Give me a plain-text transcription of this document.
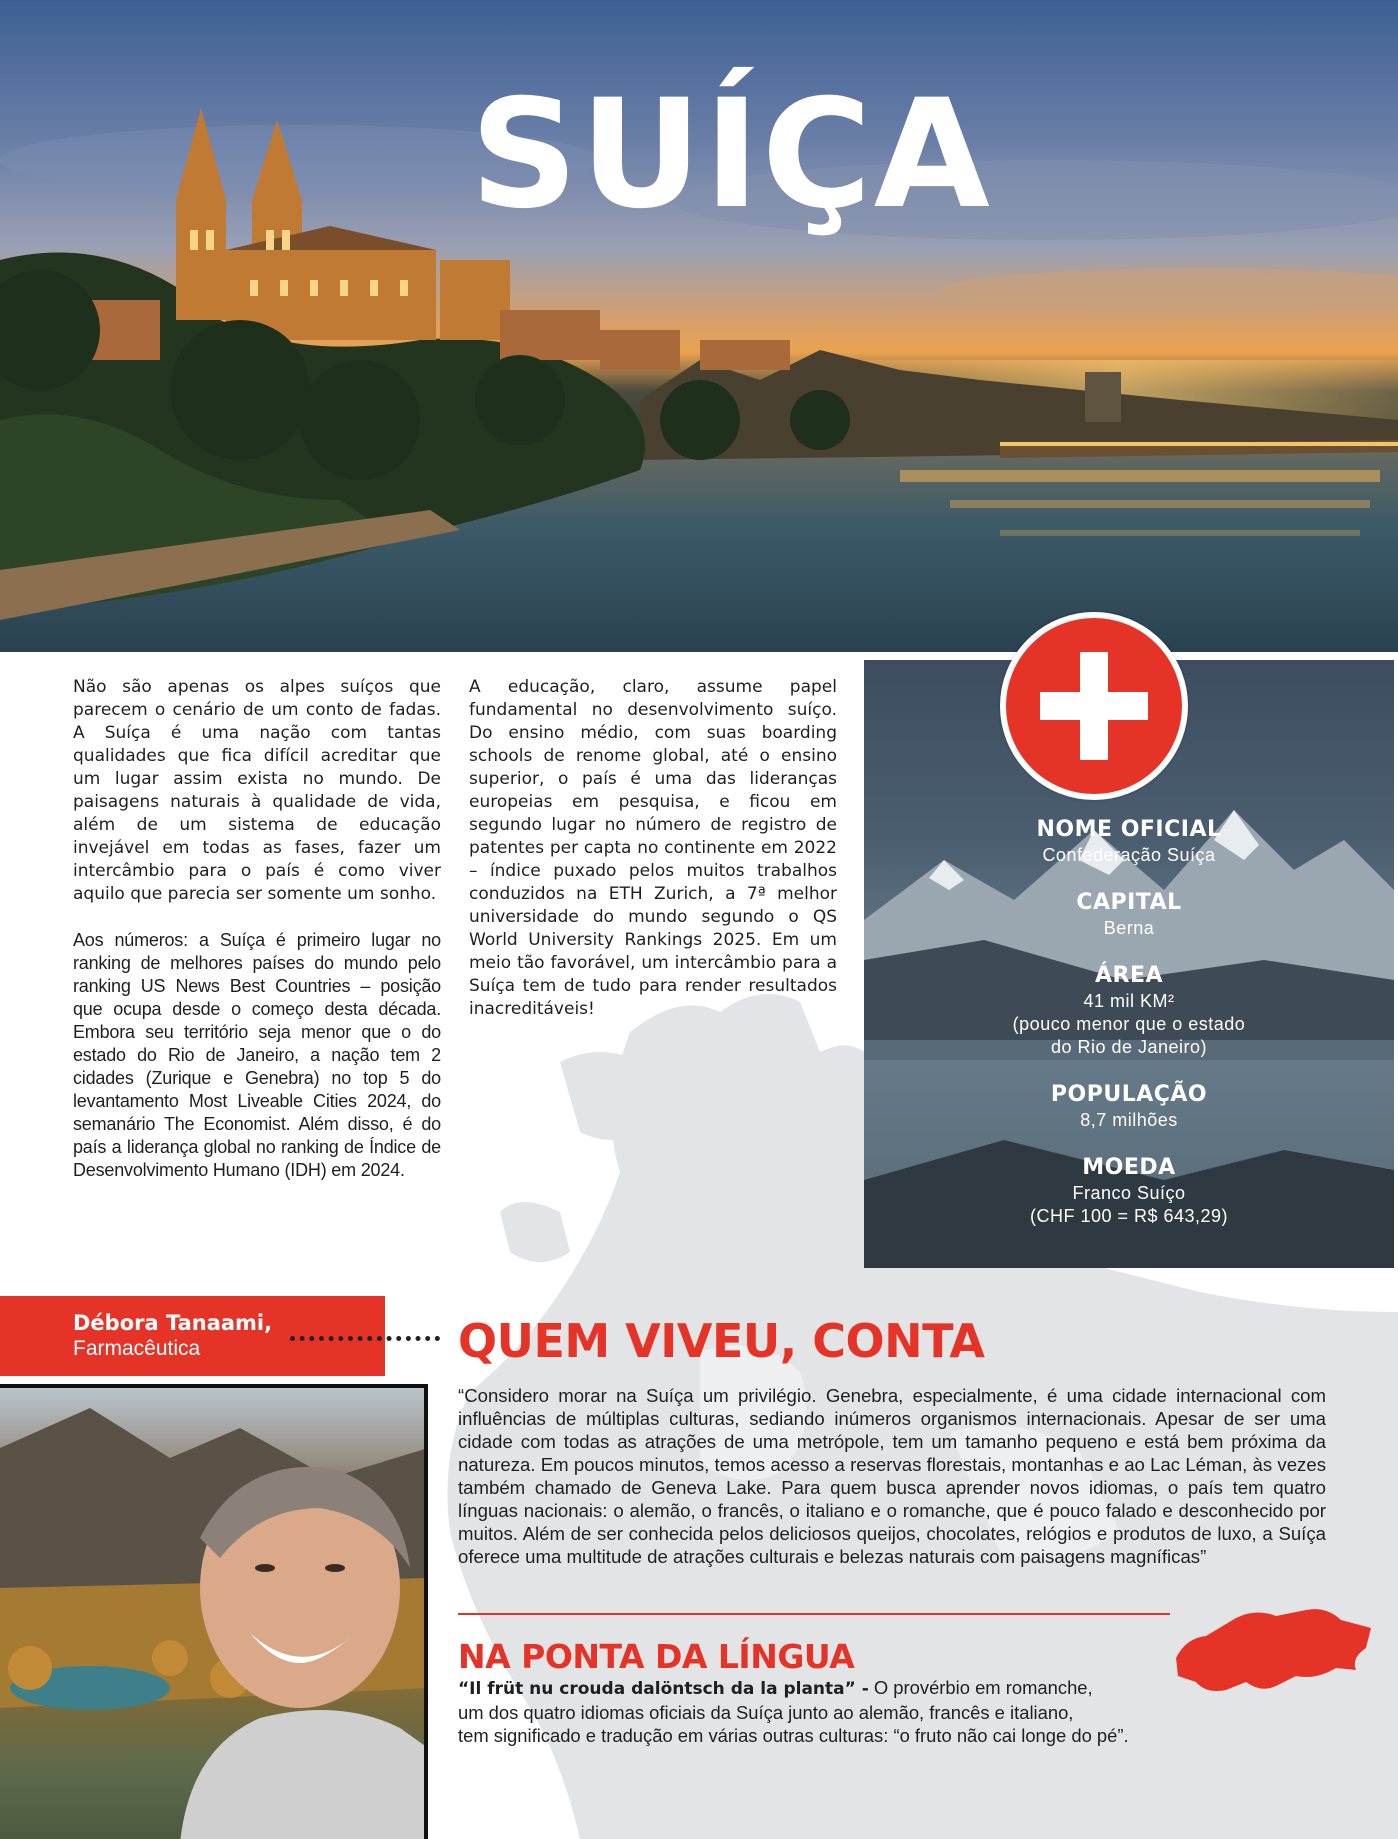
SUÍÇA

Não são apenas os alpes suíços que parecem o cenário de um conto de fadas. A Suíça é uma nação com tantas qualidades que fica difícil acreditar que um lugar assim exista no mundo. De paisagens naturais à qualidade de vida, além de um sistema de educação invejável em todas as fases, fazer um intercâmbio para o país é como viver aquilo que parecia ser somente um sonho.

Aos números: a Suíça é primeiro lugar no ranking de melhores países do mundo pelo ranking US News Best Countries – posição que ocupa desde o começo desta década. Embora seu território seja menor que o do estado do Rio de Janeiro, a nação tem 2 cidades (Zurique e Genebra) no top 5 do levantamento Most Liveable Cities 2024, do semanário The Economist. Além disso, é do país a liderança global no ranking de Índice de Desenvolvimento Humano (IDH) em 2024.

A educação, claro, assume papel fundamental no desenvolvimento suíço. Do ensino médio, com suas boarding schools de renome global, até o ensino superior, o país é uma das lideranças europeias em pesquisa, e ficou em segundo lugar no número de registro de patentes per capta no continente em 2022 – índice puxado pelos muitos trabalhos conduzidos na ETH Zurich, a 7ª melhor universidade do mundo segundo o QS World University Rankings 2025. Em um meio tão favorável, um intercâmbio para a Suíça tem de tudo para render resultados inacreditáveis!

NOME OFICIAL
Confederação Suíça
CAPITAL
Berna
ÁREA
41 mil KM²
(pouco menor que o estado
do Rio de Janeiro)
POPULAÇÃO
8,7 milhões
MOEDA
Franco Suíço
(CHF 100 = R$ 643,29)
Débora Tanaami,
Farmacêutica	QUEM VIVEU, CONTA
“Considero morar na Suíça um privilégio. Genebra, especialmente, é uma cidade internacional com influências de múltiplas culturas, sediando inúmeros organismos internacionais. Apesar de ser uma cidade com todas as atrações de uma metrópole, tem um tamanho pequeno e está bem próxima da natureza. Em poucos minutos, temos acesso a reservas florestais, montanhas e ao Lac Léman, às vezes também chamado de Geneva Lake. Para quem busca aprender novos idiomas, o país tem quatro línguas nacionais: o alemão, o francês, o italiano e o romanche, que é pouco falado e desconhecido por muitos. Além de ser conhecida pelos deliciosos queijos, chocolates, relógios e produtos de luxo, a Suíça oferece uma multitude de atrações culturais e belezas naturais com paisagens magníficas”
NA PONTA DA LÍNGUA
“Il früt nu crouda dalöntsch da la planta” - O provérbio em romanche,
um dos quatro idiomas oficiais da Suíça junto ao alemão, francês e italiano,
tem significado e tradução em várias outras culturas: “o fruto não cai longe do pé”.
